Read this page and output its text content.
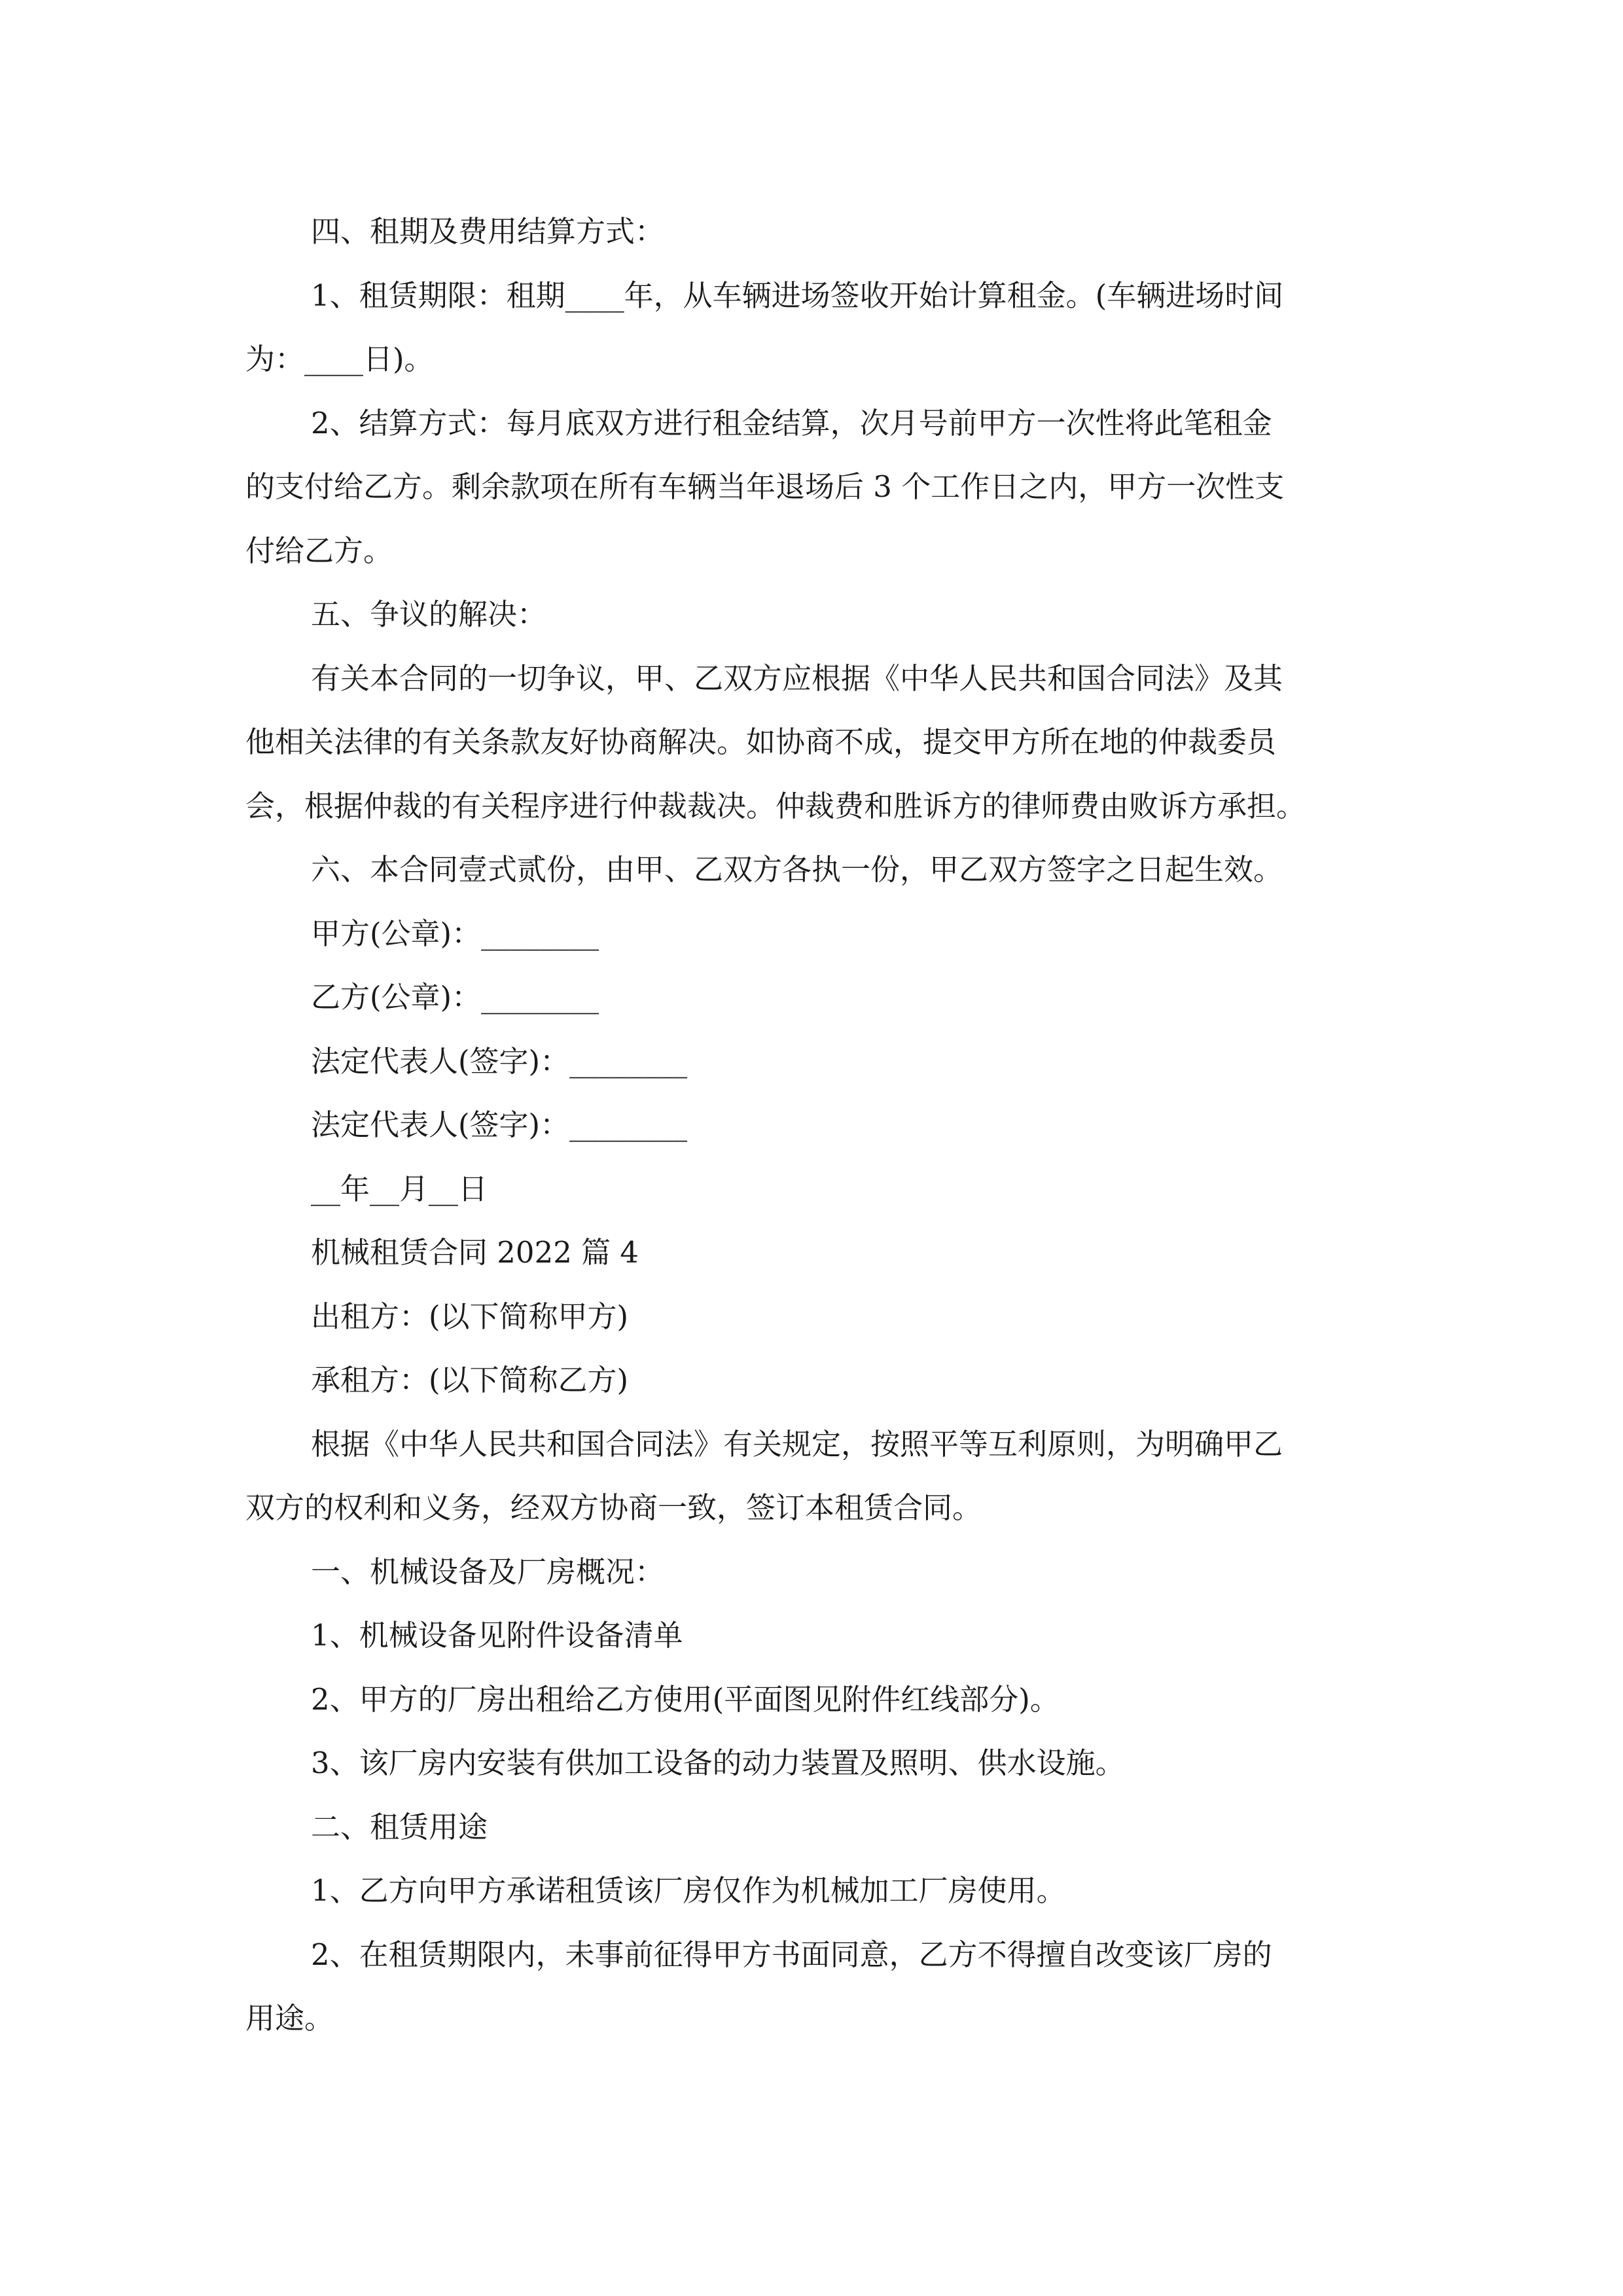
四、租期及费用结算方式：
1、租赁期限：租期____年，从车辆进场签收开始计算租金。(车辆进场时间
为：____日)。
2、结算方式：每月底双方进行租金结算，次月号前甲方一次性将此笔租金
的支付给乙方。剩余款项在所有车辆当年退场后 3 个工作日之内，甲方一次性支
付给乙方。
五、争议的解决：
有关本合同的一切争议，甲、乙双方应根据《中华人民共和国合同法》及其
他相关法律的有关条款友好协商解决。如协商不成，提交甲方所在地的仲裁委员
会，根据仲裁的有关程序进行仲裁裁决。仲裁费和胜诉方的律师费由败诉方承担。
六、本合同壹式贰份，由甲、乙双方各执一份，甲乙双方签字之日起生效。
甲方(公章)：________
乙方(公章)：________
法定代表人(签字)：________
法定代表人(签字)：________
__年__月__日
机械租赁合同 2022 篇 4
出租方：(以下简称甲方)
承租方：(以下简称乙方)
根据《中华人民共和国合同法》有关规定，按照平等互利原则，为明确甲乙
双方的权利和义务，经双方协商一致，签订本租赁合同。
一、机械设备及厂房概况：
1、机械设备见附件设备清单
2、甲方的厂房出租给乙方使用(平面图见附件红线部分)。
3、该厂房内安装有供加工设备的动力装置及照明、供水设施。
二、租赁用途
1、乙方向甲方承诺租赁该厂房仅作为机械加工厂房使用。
2、在租赁期限内，未事前征得甲方书面同意，乙方不得擅自改变该厂房的
用途。
